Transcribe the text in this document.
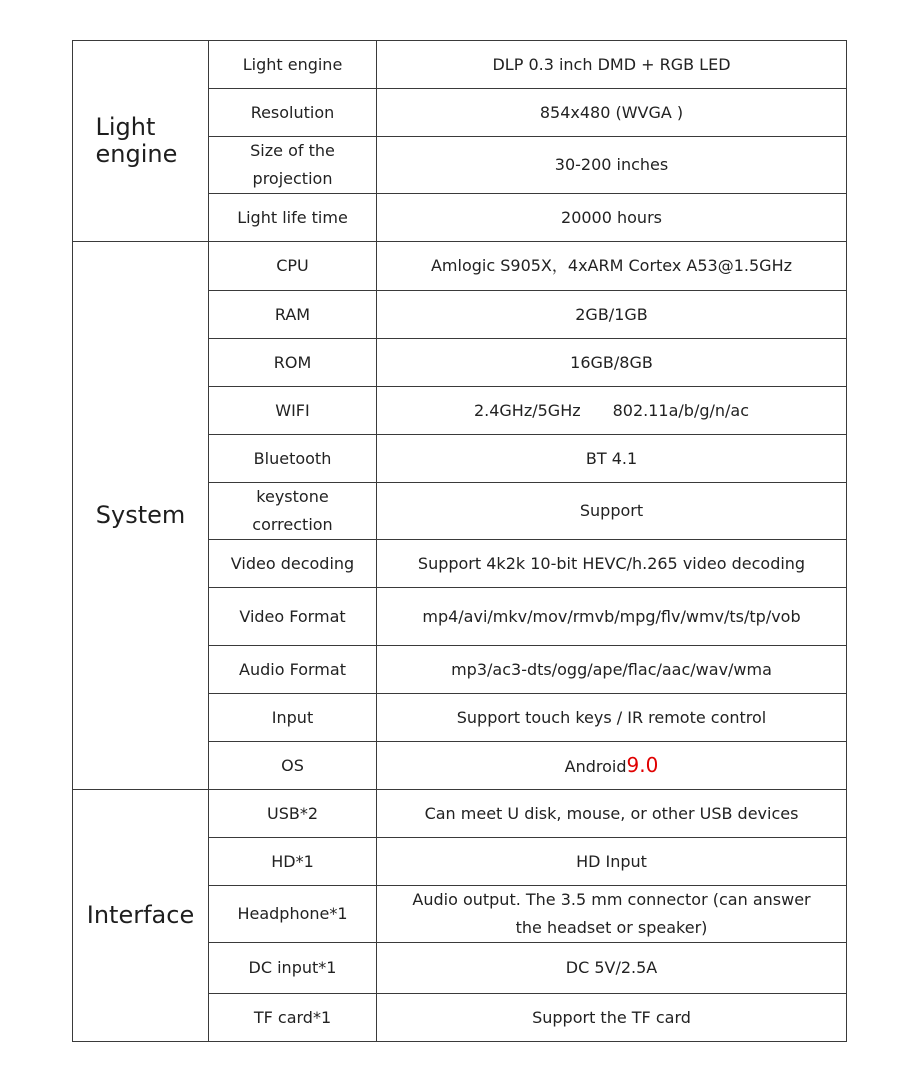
Light engine	Light engine	DLP 0.3 inch DMD + RGB LED
	Resolution	854x480 (WVGA )
	Size of the projection	30-200 inches
	Light life time	20000 hours
System	CPU	Amlogic S905X，4xARM Cortex A53@1.5GHz
	RAM	2GB/1GB
	ROM	16GB/8GB
	WIFI	2.4GHz/5GHz 802.11a/b/g/n/ac
	Bluetooth	BT 4.1
	keystone correction	Support
	Video decoding	Support 4k2k 10-bit HEVC/h.265 video decoding
	Video Format	mp4/avi/mkv/mov/rmvb/mpg/flv/wmv/ts/tp/vob
	Audio Format	mp3/ac3-dts/ogg/ape/flac/aac/wav/wma
	Input	Support touch keys / IR remote control
	OS	Android9.0
Interface	USB*2	Can meet U disk, mouse, or other USB devices
	HD*1	HD Input
	Headphone*1	Audio output. The 3.5 mm connector (can answer the headset or speaker)
	DC input*1	DC 5V/2.5A
	TF card*1	Support the TF card
